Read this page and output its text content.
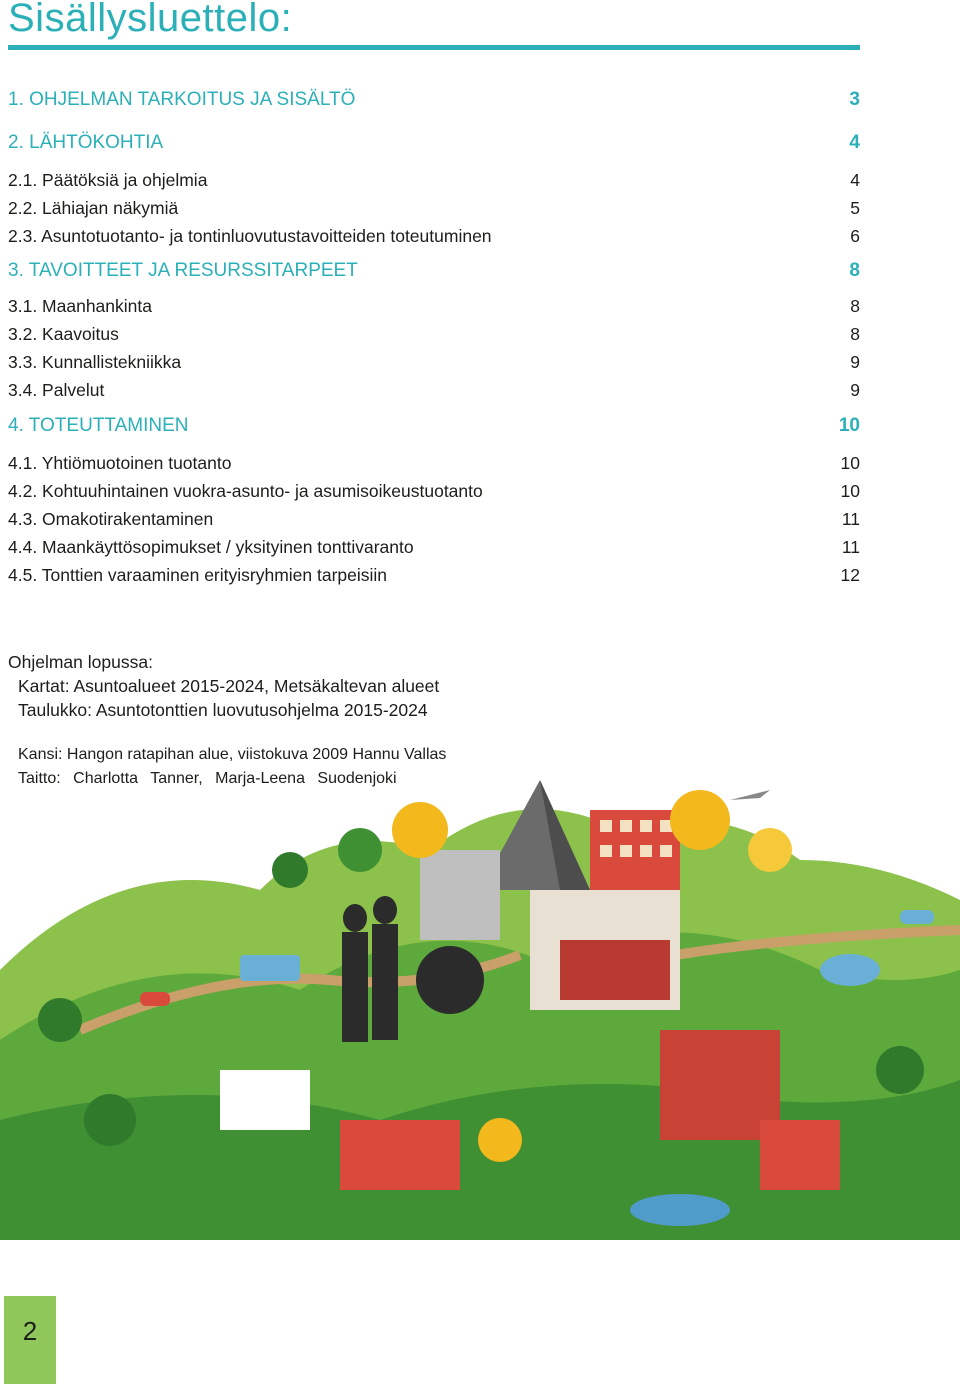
Sisällysluettelo:
1. OHJELMAN TARKOITUS JA SISÄLTÖ	3
2. LÄHTÖKOHTIA	4
2.1. Päätöksiä ja ohjelmia	4
2.2. Lähiajan näkymiä	5
2.3. Asuntotuotanto- ja tontinluovutustavoitteiden toteutuminen	6
3. TAVOITTEET JA RESURSSITARPEET	8
3.1. Maanhankinta	8
3.2. Kaavoitus	8
3.3. Kunnallistekniikka	9
3.4. Palvelut	9
4. TOTEUTTAMINEN	10
4.1. Yhtiömuotoinen tuotanto	10
4.2. Kohtuuhintainen vuokra-asunto- ja asumisoikeustuotanto	10
4.3. Omakotirakentaminen	11
4.4. Maankäyttösopimukset / yksityinen tonttivaranto	11
4.5. Tonttien varaaminen erityisryhmien tarpeisiin	12
Ohjelman lopussa:
Kartat: Asuntoalueet 2015-2024, Metsäkaltevan alueet
Taulukko: Asuntotonttien luovutusohjelma 2015-2024
Kansi: Hangon ratapihan alue, viistokuva 2009 Hannu Vallas
Taitto: Charlotta Tanner, Marja-Leena Suodenjoki
2
